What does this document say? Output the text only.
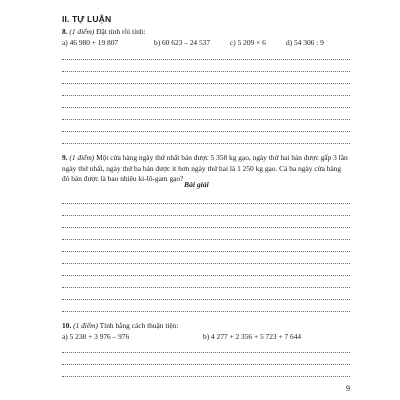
II. TỰ LUẬN
8. (1 điểm) Đặt tính rồi tính:
a) 46 980 + 19 807	b) 60 623 – 24 537	c) 5 209 × 6	d) 54 306 : 9
9. (1 điểm) Một cửa hàng ngày thứ nhất bán được 5 358 kg gạo, ngày thứ hai bán được gấp 3 lần ngày thứ nhất, ngày thứ ba bán được ít hơn ngày thứ hai là 1 250 kg gạo. Cả ba ngày cửa hàng đó bán được là bao nhiêu ki-lô-gam gạo?
Bài giải
10. (1 điểm) Tính bằng cách thuận tiện:
a) 5 238 + 3 976 – 976	b) 4 277 + 2 356 + 5 723 + 7 644
9
